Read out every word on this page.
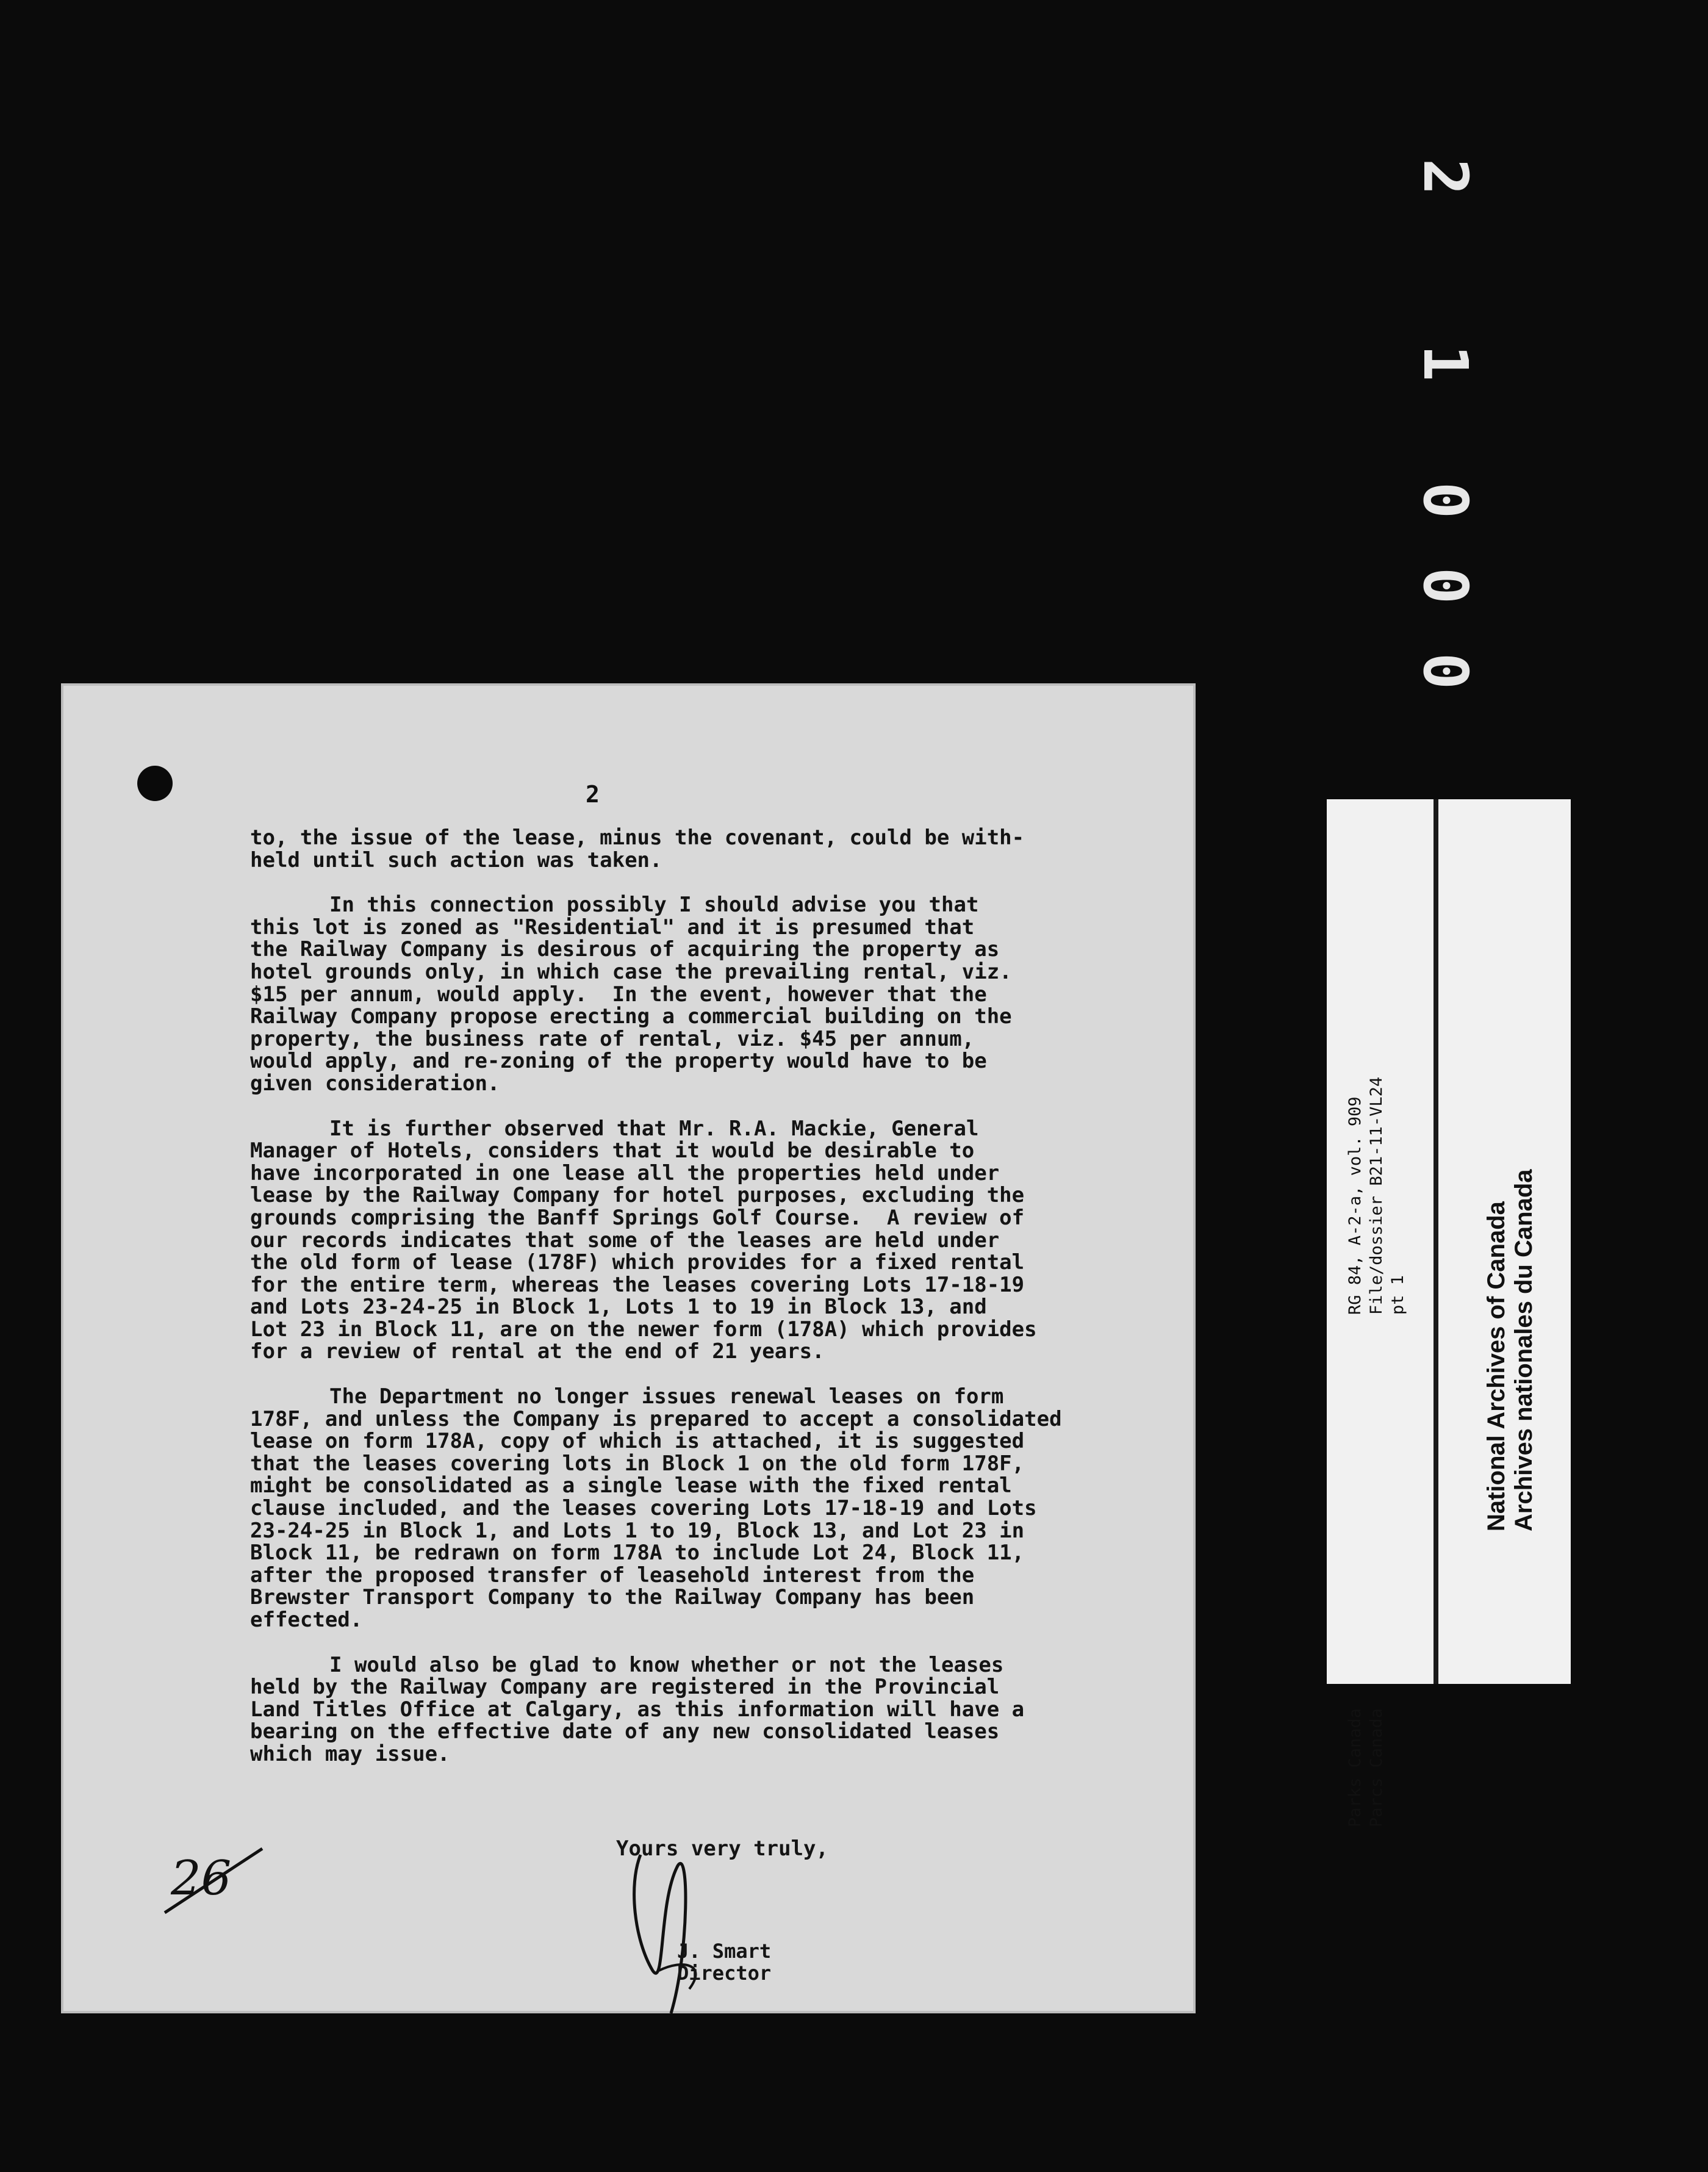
0
0
0
1
2
2
to, the issue of the lease, minus the covenant, could be with-
held until such action was taken.
In this connection possibly I should advise you that
this lot is zoned as "Residential" and it is presumed that
the Railway Company is desirous of acquiring the property as
hotel grounds only, in which case the prevailing rental, viz.
$15 per annum, would apply.  In the event, however that the
Railway Company propose erecting a commercial building on the
property, the business rate of rental, viz. $45 per annum,
would apply, and re-zoning of the property would have to be
given consideration.
It is further observed that Mr. R.A. Mackie, General
Manager of Hotels, considers that it would be desirable to
have incorporated in one lease all the properties held under
lease by the Railway Company for hotel purposes, excluding the
grounds comprising the Banff Springs Golf Course.  A review of
our records indicates that some of the leases are held under
the old form of lease (178F) which provides for a fixed rental
for the entire term, whereas the leases covering Lots 17-18-19
and Lots 23-24-25 in Block 1, Lots 1 to 19 in Block 13, and
Lot 23 in Block 11, are on the newer form (178A) which provides
for a review of rental at the end of 21 years.
The Department no longer issues renewal leases on form
178F, and unless the Company is prepared to accept a consolidated
lease on form 178A, copy of which is attached, it is suggested
that the leases covering lots in Block 1 on the old form 178F,
might be consolidated as a single lease with the fixed rental
clause included, and the leases covering Lots 17-18-19 and Lots
23-24-25 in Block 1, and Lots 1 to 19, Block 13, and Lot 23 in
Block 11, be redrawn on form 178A to include Lot 24, Block 11,
after the proposed transfer of leasehold interest from the
Brewster Transport Company to the Railway Company has been
effected.
I would also be glad to know whether or not the leases
held by the Railway Company are registered in the Provincial
Land Titles Office at Calgary, as this information will have a
bearing on the effective date of any new consolidated leases
which may issue.
Yours very truly,
J. Smart
Director
26
Parks Canada Parcs Canada
RG 84, A-2-a, vol. 909 File/dossier B21-11-VL24 pt 1	National Archives of Canada Archives nationales du Canada
